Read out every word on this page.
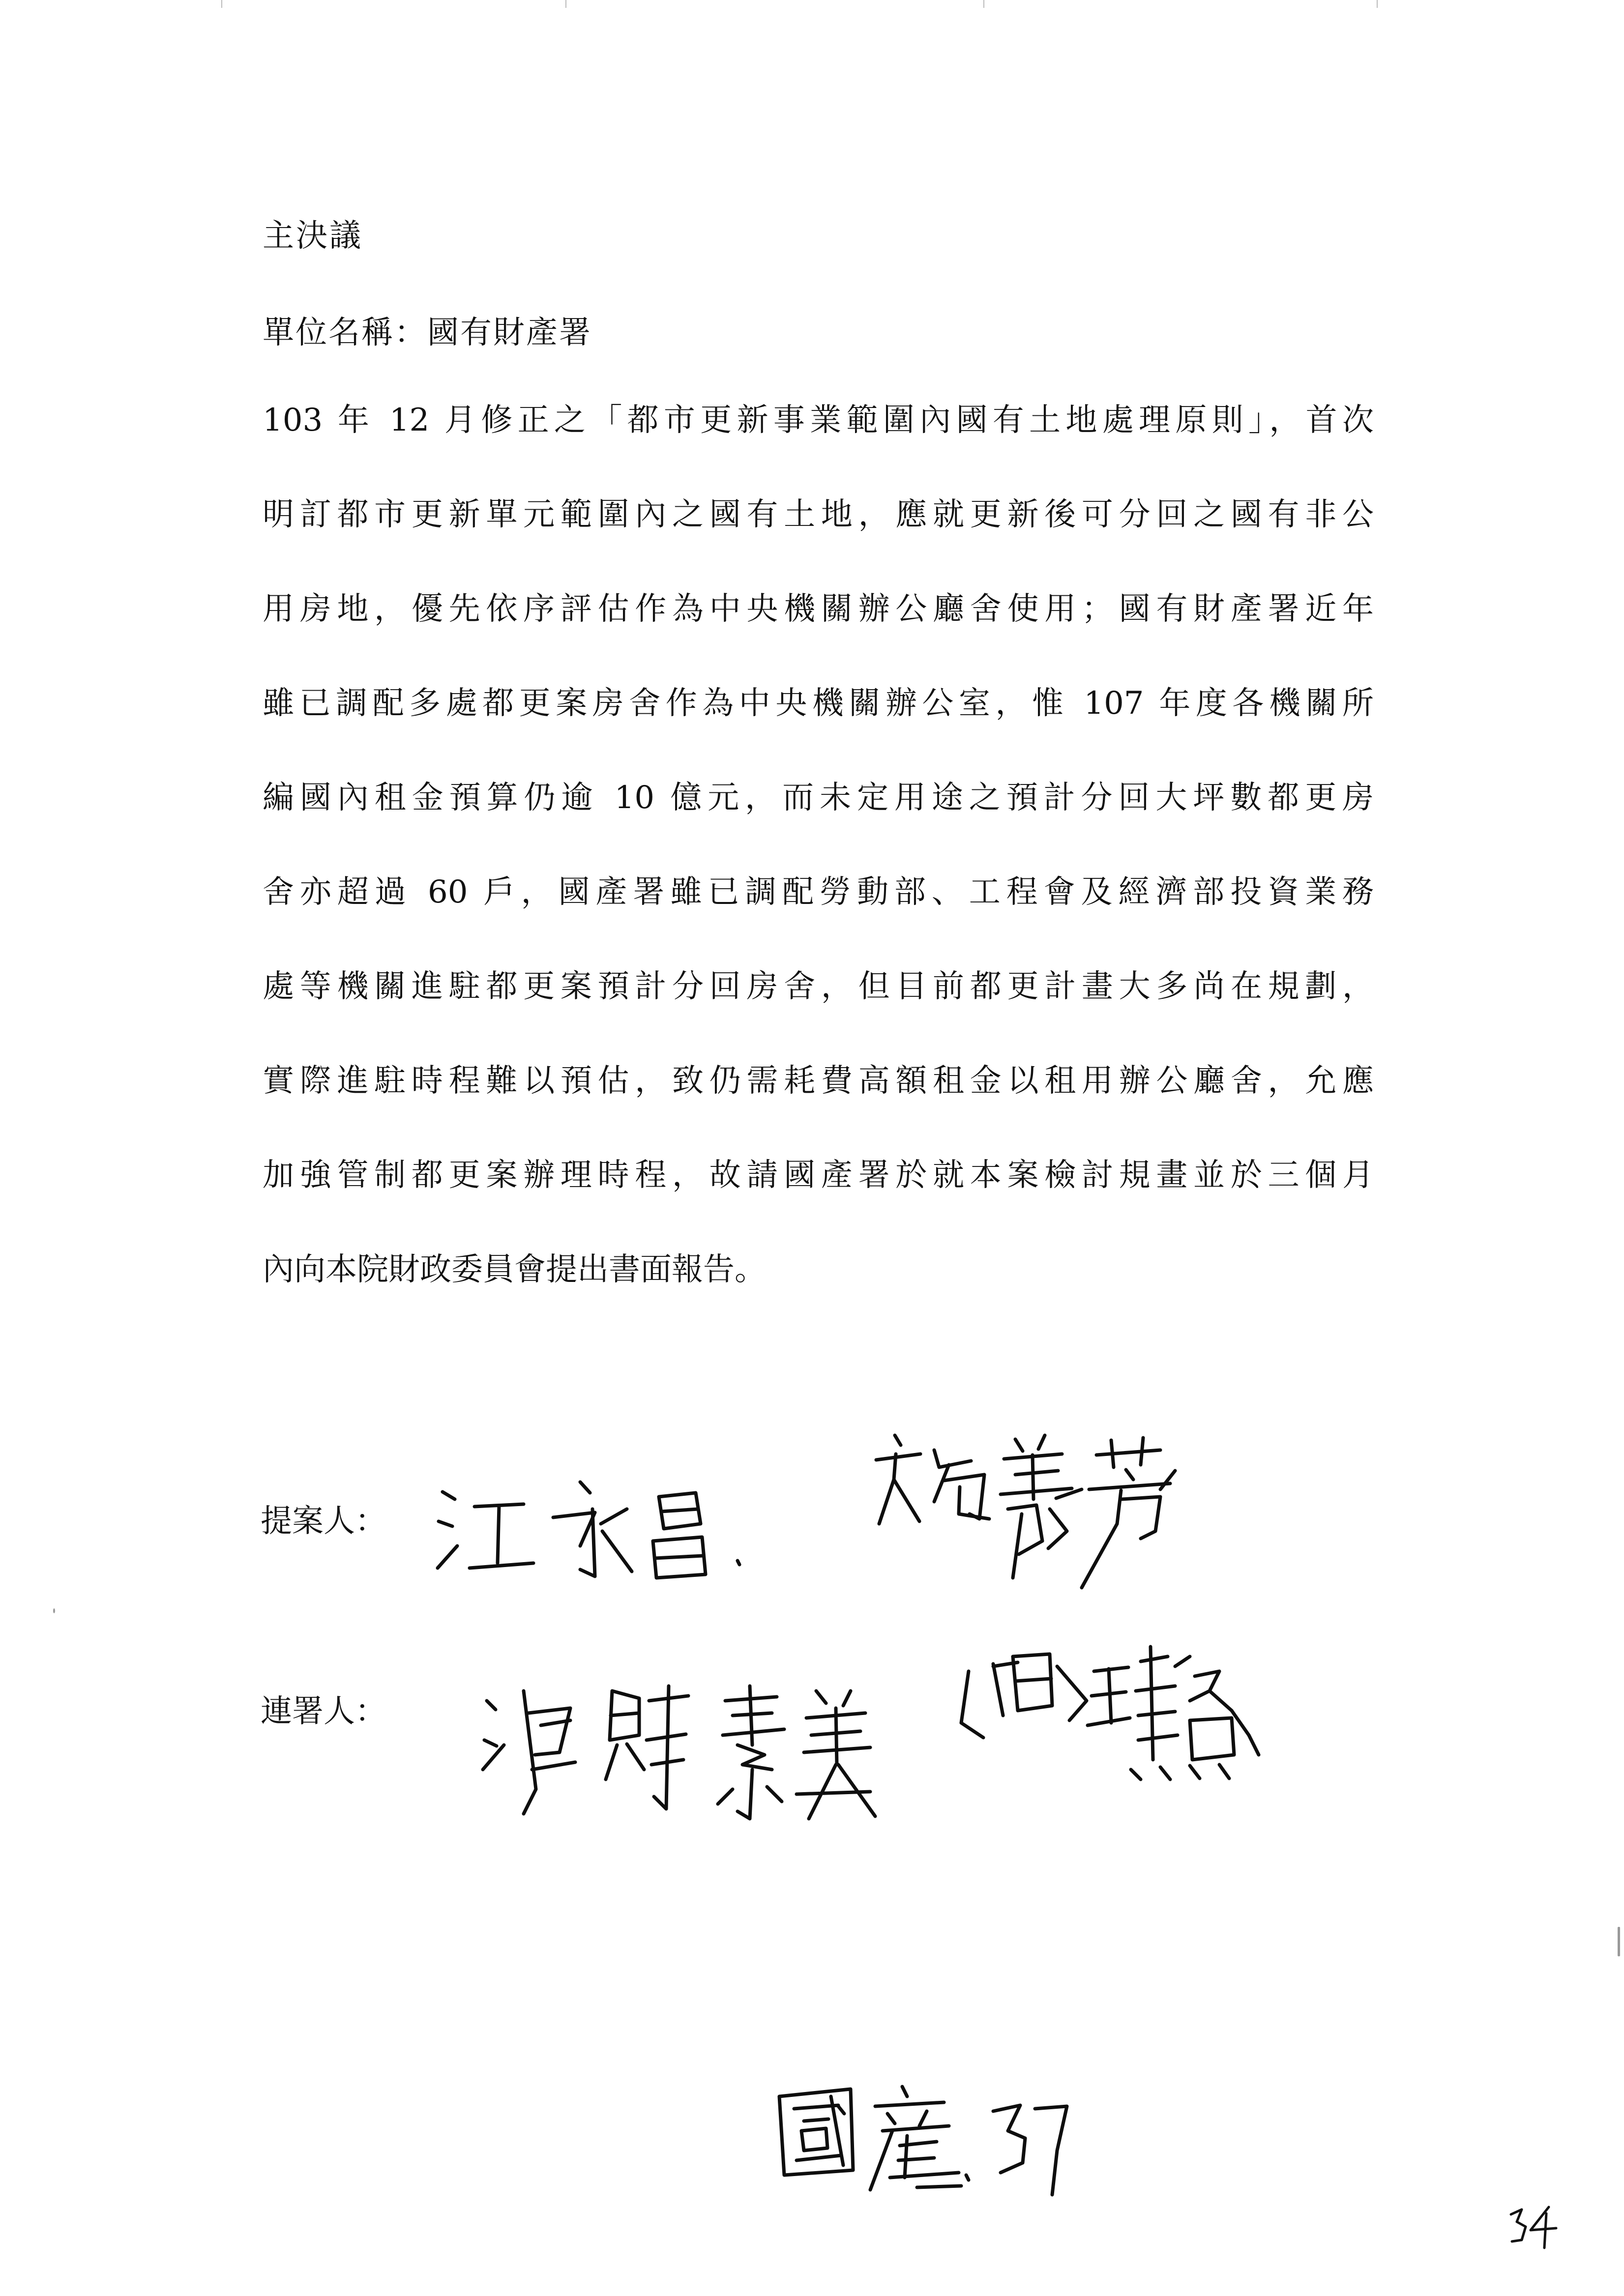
主決議
單位名稱：國有財產署
103 年 12 月修正之「都市更新事業範圍內國有土地處理原則」，首次
明訂都市更新單元範圍內之國有土地，應就更新後可分回之國有非公
用房地，優先依序評估作為中央機關辦公廳舍使用；國有財產署近年
雖已調配多處都更案房舍作為中央機關辦公室，惟 107 年度各機關所
編國內租金預算仍逾 10 億元，而未定用途之預計分回大坪數都更房
舍亦超過 60 戶，國產署雖已調配勞動部、工程會及經濟部投資業務
處等機關進駐都更案預計分回房舍，但目前都更計畫大多尚在規劃，
實際進駐時程難以預估，致仍需耗費高額租金以租用辦公廳舍，允應
加強管制都更案辦理時程，故請國產署於就本案檢討規畫並於三個月
內向本院財政委員會提出書面報告。
提案人：
連署人：
